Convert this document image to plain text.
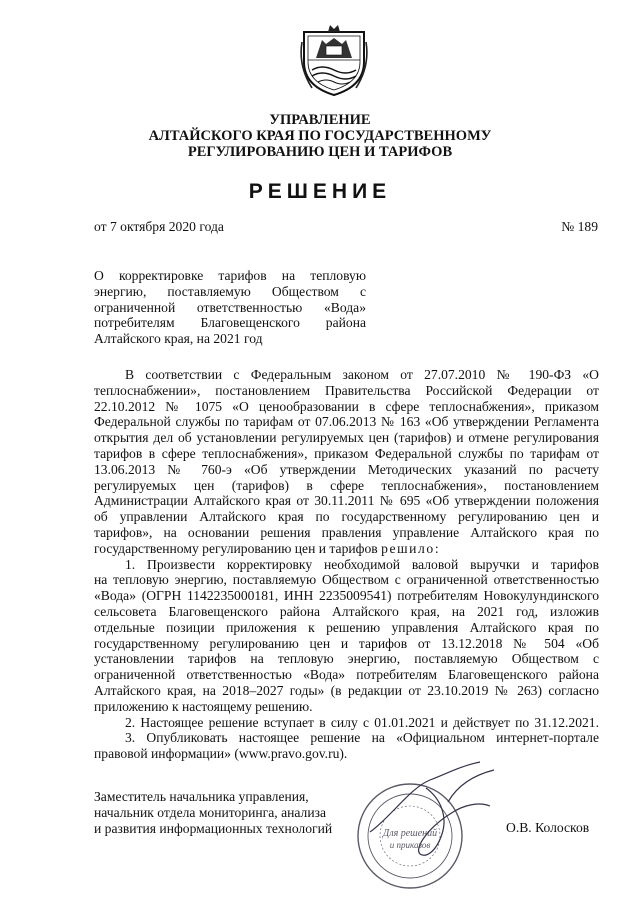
УПРАВЛЕНИЕ
АЛТАЙСКОГО КРАЯ ПО ГОСУДАРСТВЕННОМУ
РЕГУЛИРОВАНИЮ ЦЕН И ТАРИФОВ
РЕШЕНИЕ
от 7 октября 2020 года	№ 189
О корректировке тарифов на тепловую
энергию, поставляемую Обществом с
ограниченной ответственностью «Вода»
потребителям Благовещенского района
Алтайского края, на 2021 год
В соответствии с Федеральным законом от 27.07.2010 № 190-ФЗ «О
теплоснабжении», постановлением Правительства Российской Федерации от
22.10.2012 № 1075 «О ценообразовании в сфере теплоснабжения», приказом
Федеральной службы по тарифам от 07.06.2013 № 163 «Об утверждении Регламента
открытия дел об установлении регулируемых цен (тарифов) и отмене регулирования
тарифов в сфере теплоснабжения», приказом Федеральной службы по тарифам от
13.06.2013 № 760-э «Об утверждении Методических указаний по расчету
регулируемых цен (тарифов) в сфере теплоснабжения», постановлением
Администрации Алтайского края от 30.11.2011 № 695 «Об утверждении положения
об управлении Алтайского края по государственному регулированию цен и
тарифов», на основании решения правления управление Алтайского края по
государственному регулированию цен и тарифов решило:
1. Произвести корректировку необходимой валовой выручки и тарифов
на тепловую энергию, поставляемую Обществом с ограниченной ответственностью
«Вода» (ОГРН 1142235000181, ИНН 2235009541) потребителям Новокулундинского
сельсовета Благовещенского района Алтайского края, на 2021 год, изложив
отдельные позиции приложения к решению управления Алтайского края по
государственному регулированию цен и тарифов от 13.12.2018 № 504 «Об
установлении тарифов на тепловую энергию, поставляемую Обществом с
ограниченной ответственностью «Вода» потребителям Благовещенского района
Алтайского края, на 2018–2027 годы» (в редакции от 23.10.2019 № 263) согласно
приложению к настоящему решению.
2. Настоящее решение вступает в силу с 01.01.2021 и действует по 31.12.2021.
3. Опубликовать настоящее решение на «Официальном интернет-портале
правовой информации» (www.pravo.gov.ru).
Заместитель начальника управления,
начальник отдела мониторинга, анализа
и развития информационных технологий	О.В. Колосков
Для решений
и приказов
